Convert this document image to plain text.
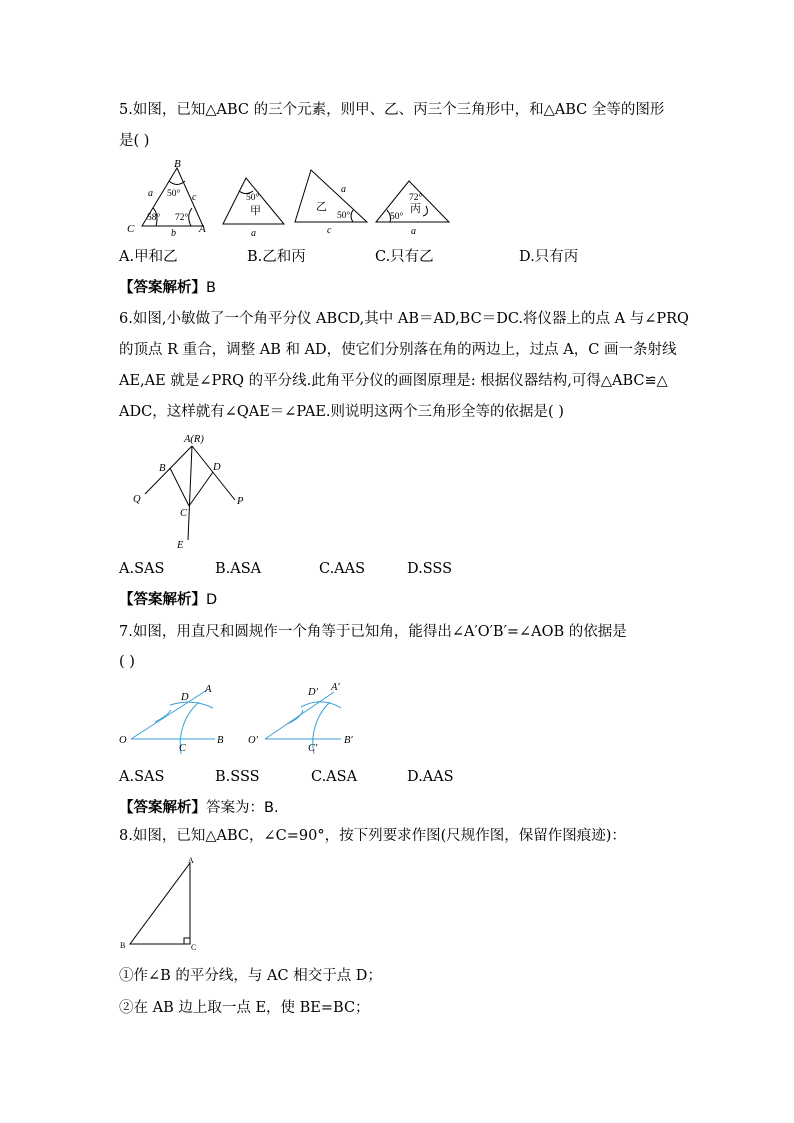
5.如图，已知△ABC 的三个元素，则甲、乙、丙三个三角形中，和△ABC 全等的图形
是( )
B
C	A
a	c
b
50°
58° 72°
50°
甲
a
a
乙
50°
c
72°
丙
50°
a
A.甲和乙	B.乙和丙	C.只有乙	D.只有丙
【答案解析】B
6.如图,小敏做了一个角平分仪 ABCD,其中 AB＝AD,BC＝DC.将仪器上的点 A 与∠PRQ
的顶点 R 重合，调整 AB 和 AD，使它们分别落在角的两边上，过点 A，C 画一条射线
AE,AE 就是∠PRQ 的平分线.此角平分仪的画图原理是: 根据仪器结构,可得△ABC≌△
ADC，这样就有∠QAE＝∠PAE.则说明这两个三角形全等的依据是( )
A(R)
B	D
Q
C
P
E
A.SAS	B.ASA	C.AAS	D.SSS
【答案解析】D
7.如图，用直尺和圆规作一个角等于已知角，能得出∠A′O′B′=∠AOB 的依据是
( )
D
A
O
C
B
D′ A′
O′
C′
B′
A.SAS	B.SSS	C.ASA	D.AAS
【答案解析】答案为：B.
8.如图，已知△ABC，∠C=90°，按下列要求作图(尺规作图，保留作图痕迹)：
A
B	C
①作∠B 的平分线，与 AC 相交于点 D；
②在 AB 边上取一点 E，使 BE=BC；
